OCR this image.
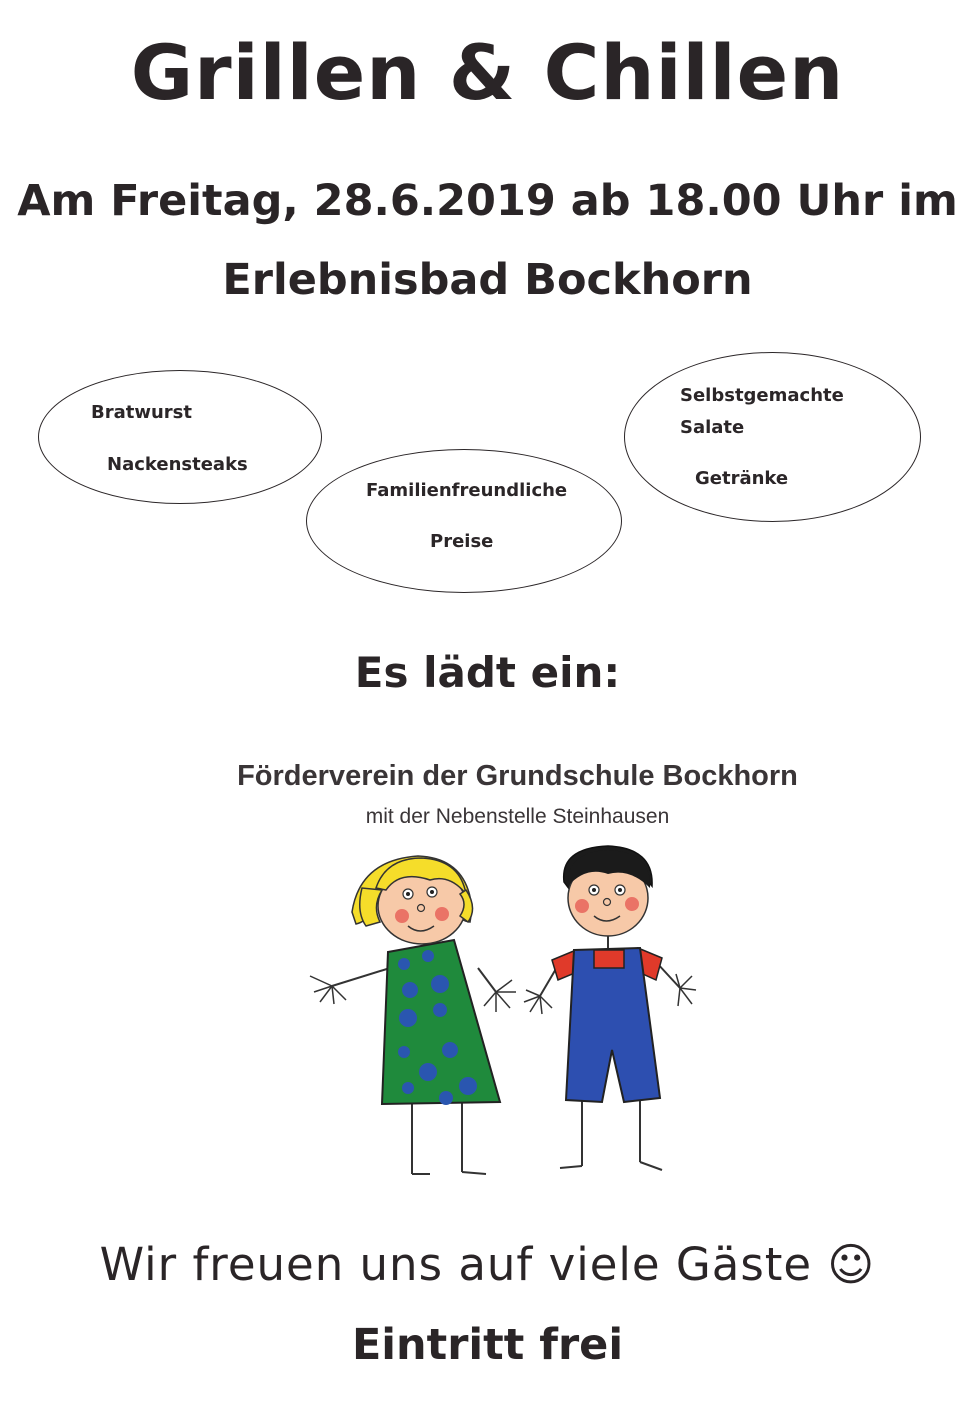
Grillen & Chillen
Am Freitag, 28.6.2019 ab 18.00 Uhr im
Erlebnisbad Bockhorn
Bratwurst
Nackensteaks
Familienfreundliche
Preise
Selbstgemachte
Salate
Getränke
Es lädt ein:
Förderverein der Grundschule Bockhorn
mit der Nebenstelle Steinhausen
Wir freuen uns auf viele Gäste ☺
Eintritt frei
